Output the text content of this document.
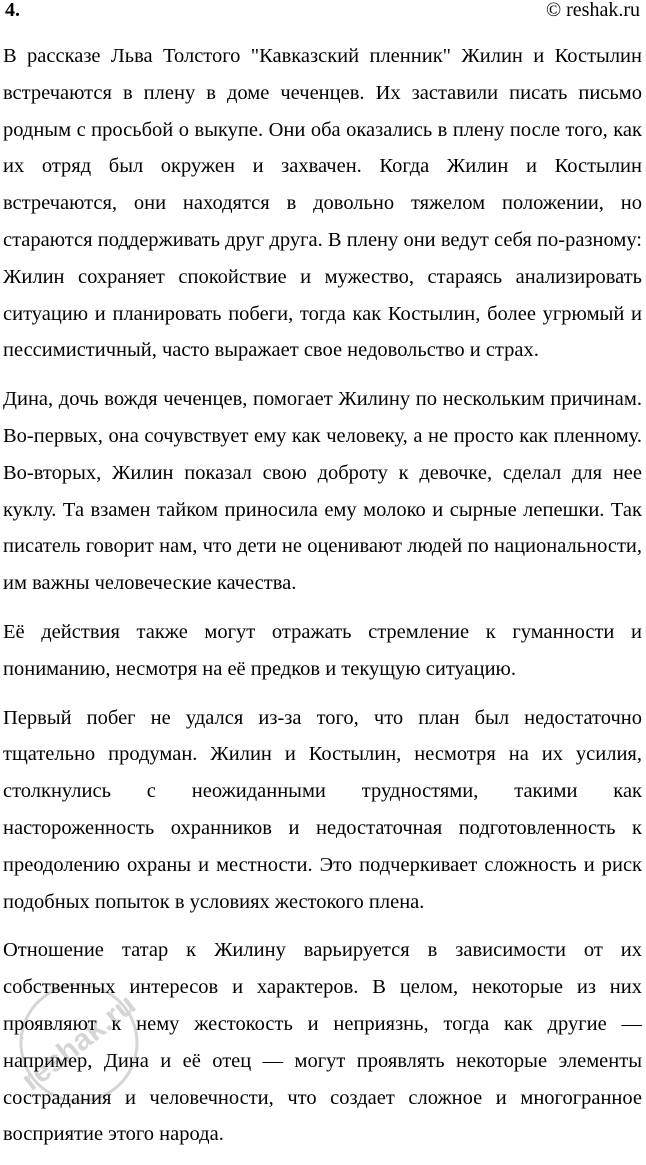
4.	© reshak.ru

В рассказе Льва Толстого "Кавказский пленник" Жилин и Костылин встречаются в плену в доме чеченцев. Их заставили писать письмо родным с просьбой о выкупе. Они оба оказались в плену после того, как их отряд был окружен и захвачен. Когда Жилин и Костылин встречаются, они находятся в довольно тяжелом положении, но стараются поддерживать друг друга. В плену они ведут себя по-разному: Жилин сохраняет спокойствие и мужество, стараясь анализировать ситуацию и планировать побеги, тогда как Костылин, более угрюмый и пессимистичный, часто выражает свое недовольство и страх.

Дина, дочь вождя чеченцев, помогает Жилину по нескольким причинам. Во-первых, она сочувствует ему как человеку, а не просто как пленному. Во-вторых, Жилин показал свою доброту к девочке, сделал для нее куклу. Та взамен тайком приносила ему молоко и сырные лепешки. Так писатель говорит нам, что дети не оценивают людей по национальности, им важны человеческие качества.

Её действия также могут отражать стремление к гуманности и пониманию, несмотря на её предков и текущую ситуацию.

Первый побег не удался из-за того, что план был недостаточно тщательно продуман. Жилин и Костылин, несмотря на их усилия, столкнулись с неожиданными трудностями, такими как настороженность охранников и недостаточная подготовленность к преодолению охраны и местности. Это подчеркивает сложность и риск подобных попыток в условиях жестокого плена.

Отношение татар к Жилину варьируется в зависимости от их собственных интересов и характеров. В целом, некоторые из них проявляют к нему жестокость и неприязнь, тогда как другие — например, Дина и её отец — могут проявлять некоторые элементы сострадания и человечности, что создает сложное и многогранное восприятие этого народа.

reshak.ru
